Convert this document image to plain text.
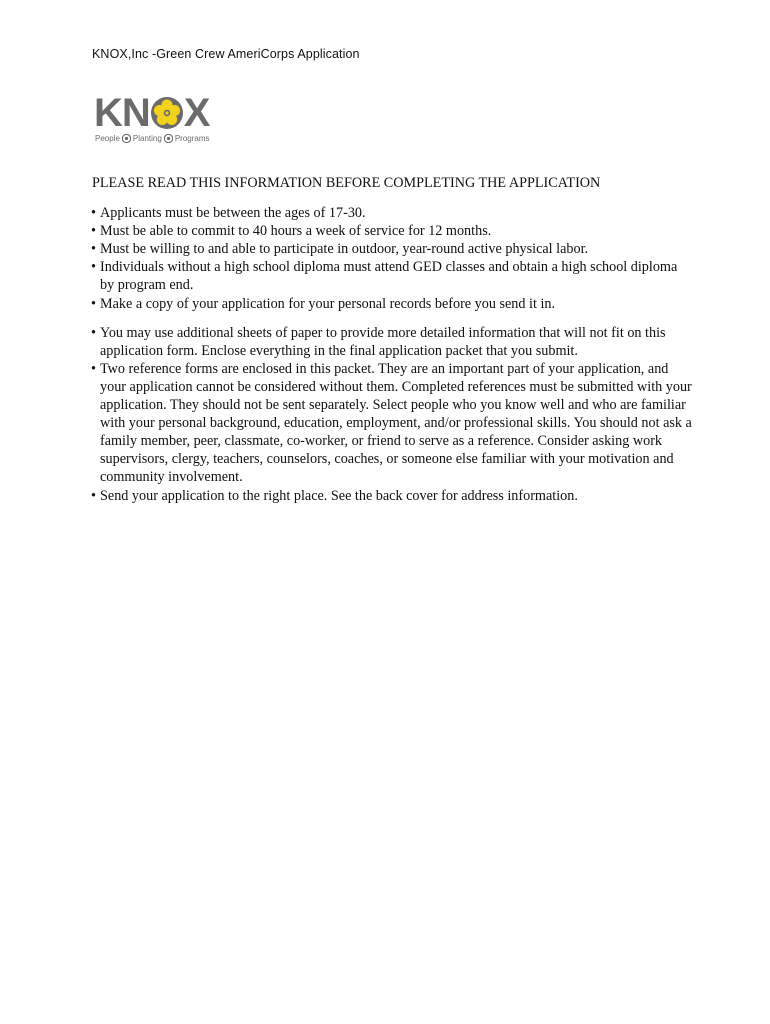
KNOX,Inc -Green Crew AmeriCorps Application
KN X
People Planting Programs
PLEASE READ THIS INFORMATION BEFORE COMPLETING THE APPLICATION
• Applicants must be between the ages of 17-30.
• Must be able to commit to 40 hours a week of service for 12 months.
• Must be willing to and able to participate in outdoor, year-round active physical labor.
• Individuals without a high school diploma must attend GED classes and obtain a high school diploma by program end.
• Make a copy of your application for your personal records before you send it in.
• You may use additional sheets of paper to provide more detailed information that will not fit on this application form. Enclose everything in the final application packet that you submit.
• Two reference forms are enclosed in this packet. They are an important part of your application, and your application cannot be considered without them. Completed references must be submitted with your application. They should not be sent separately. Select people who you know well and who are familiar with your personal background, education, employment, and/or professional skills. You should not ask a family member, peer, classmate, co-worker, or friend to serve as a reference. Consider asking work supervisors, clergy, teachers, counselors, coaches, or someone else familiar with your motivation and community involvement.
• Send your application to the right place. See the back cover for address information.
